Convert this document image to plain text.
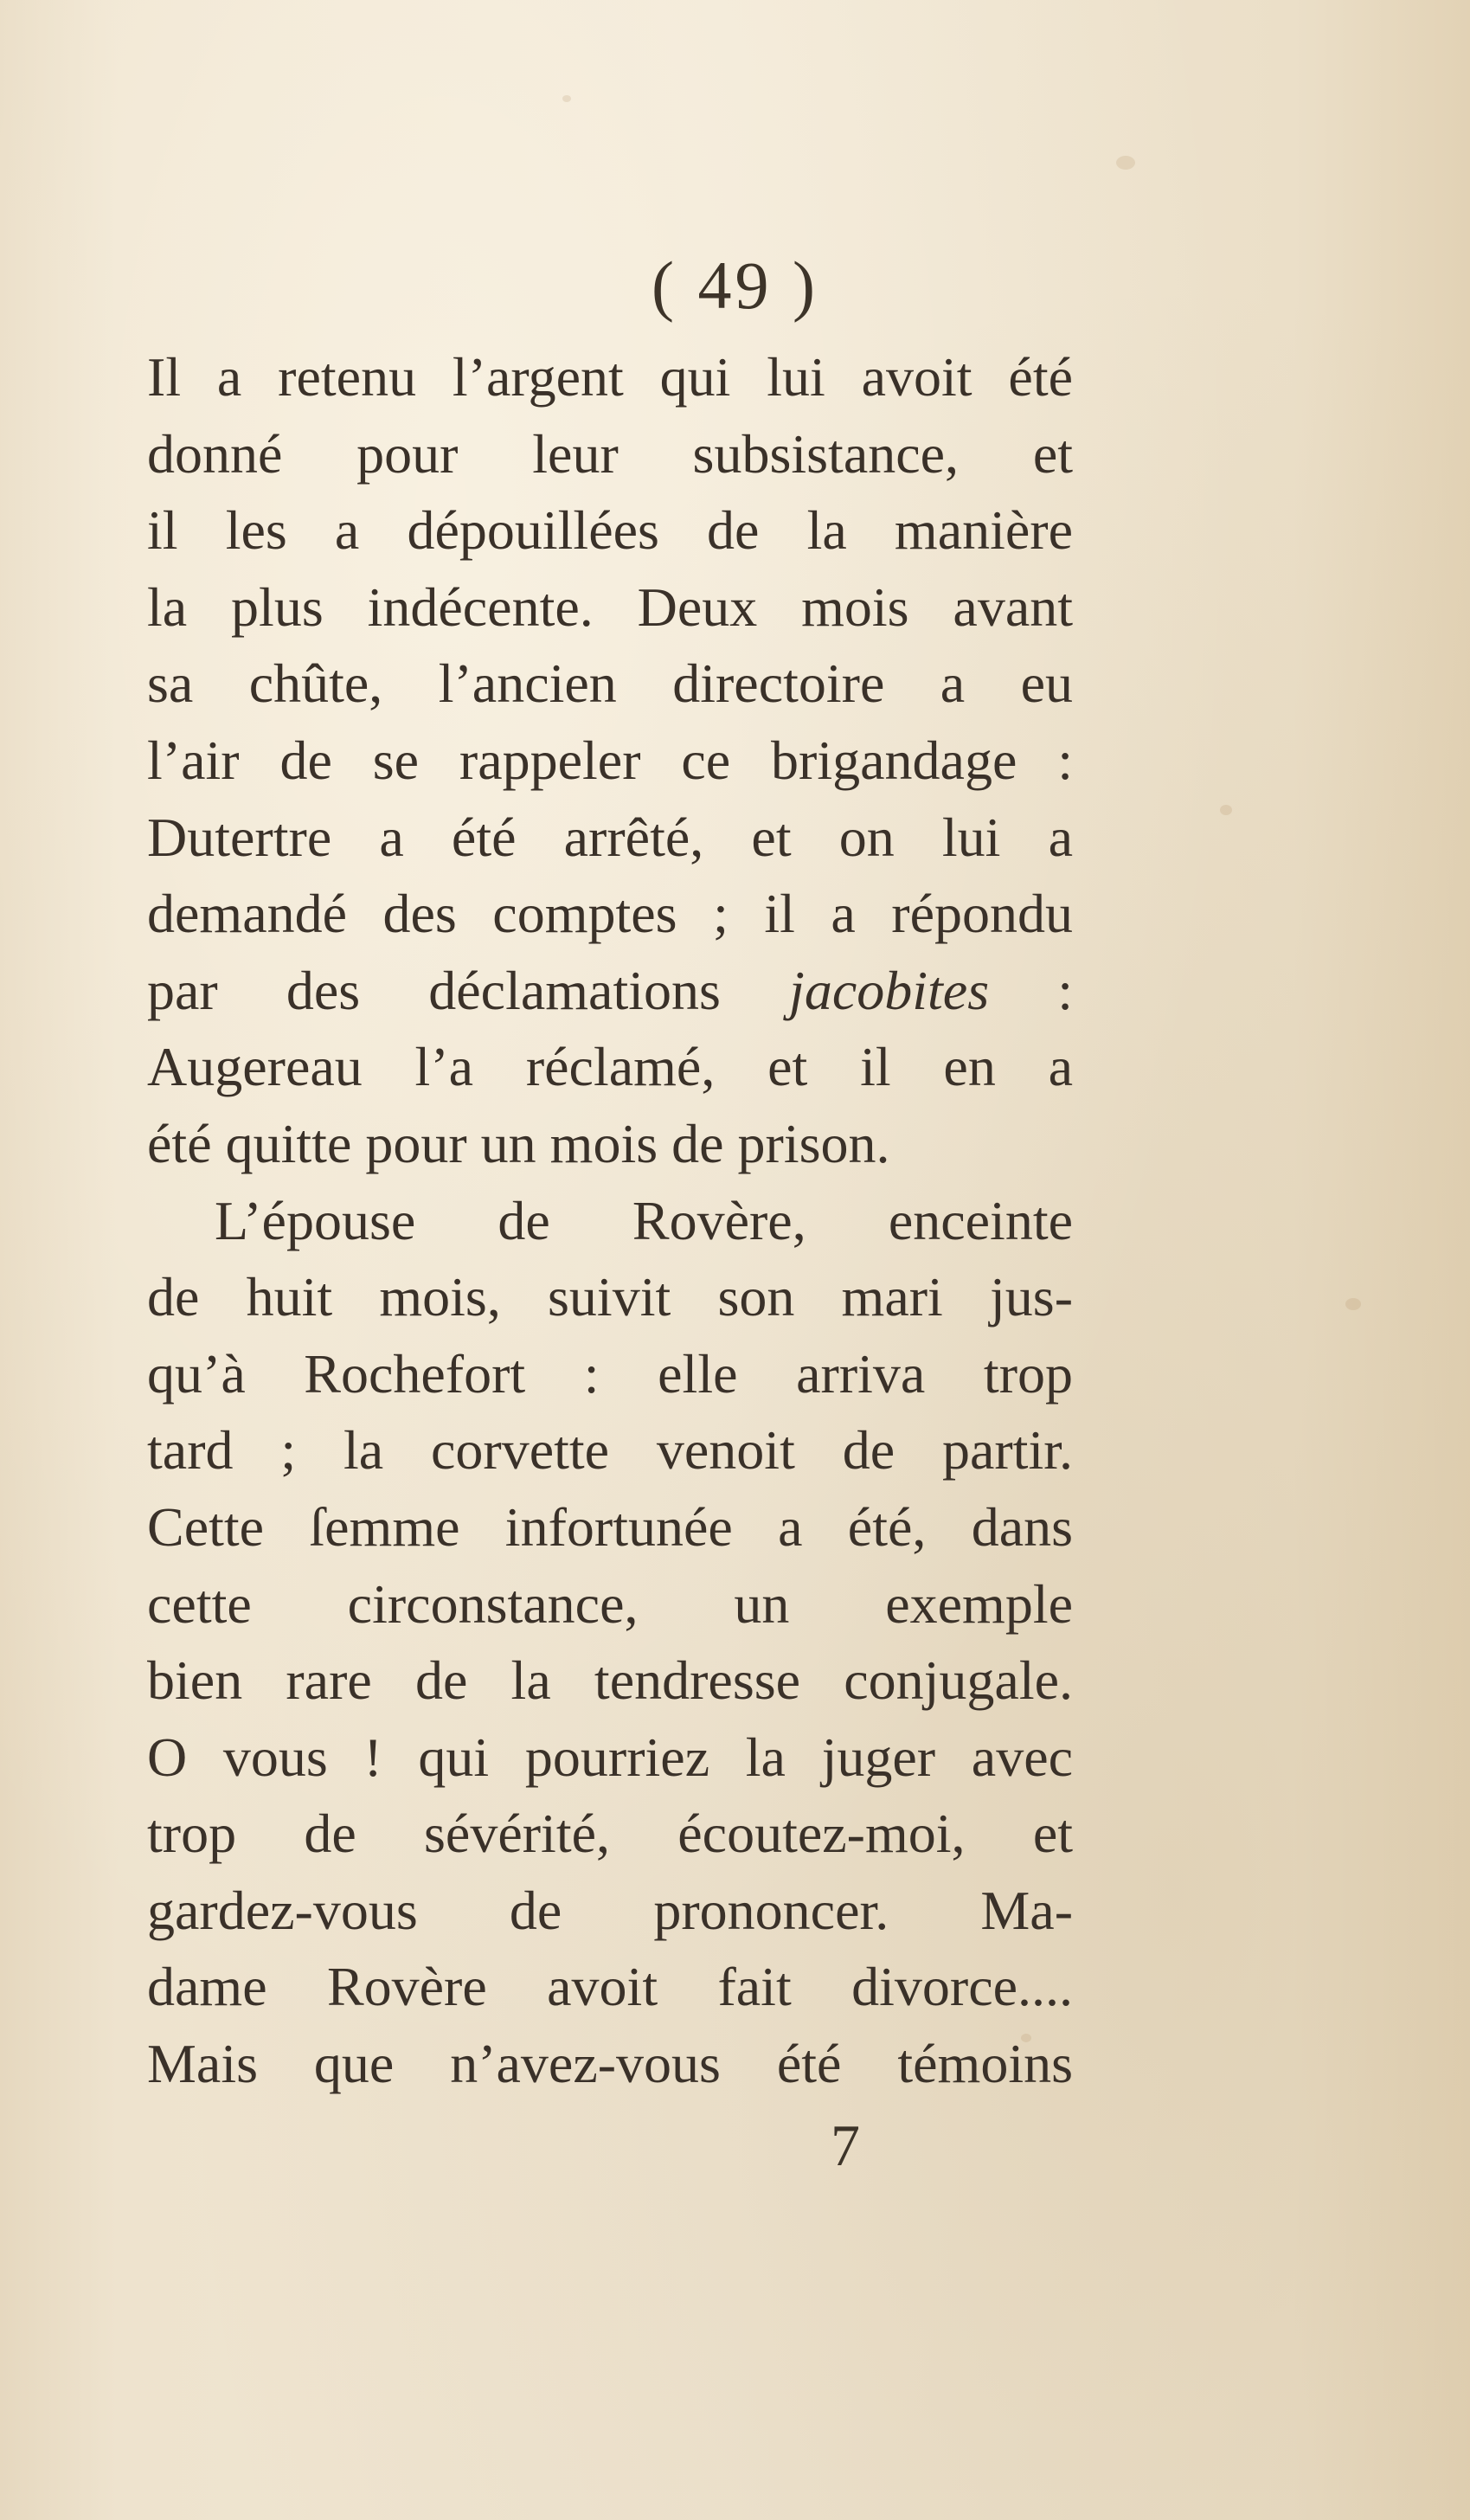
( 49 )
Il a retenu l’argent qui lui avoit été
donné pour leur subsistance, et
il les a dépouillées de la manière
la plus indécente. Deux mois avant
sa chûte, l’ancien directoire a eu
l’air de se rappeler ce brigandage :
Dutertre a été arrêté, et on lui a
demandé des comptes ; il a répondu
par des déclamations jacobites :
Augereau l’a réclamé, et il en a
été quitte pour un mois de prison.
L’épouse de Rovère, enceinte
de huit mois, suivit son mari jus-
qu’à Rochefort : elle arriva trop
tard ; la corvette venoit de partir.
Cette ſemme infortunée a été, dans
cette circonstance, un exemple
bien rare de la tendresse conjugale.
O vous ! qui pourriez la juger avec
trop de sévérité, écoutez-moi, et
gardez-vous de prononcer. Ma-
dame Rovère avoit fait divorce....
Mais que n’avez-vous été témoins
7
